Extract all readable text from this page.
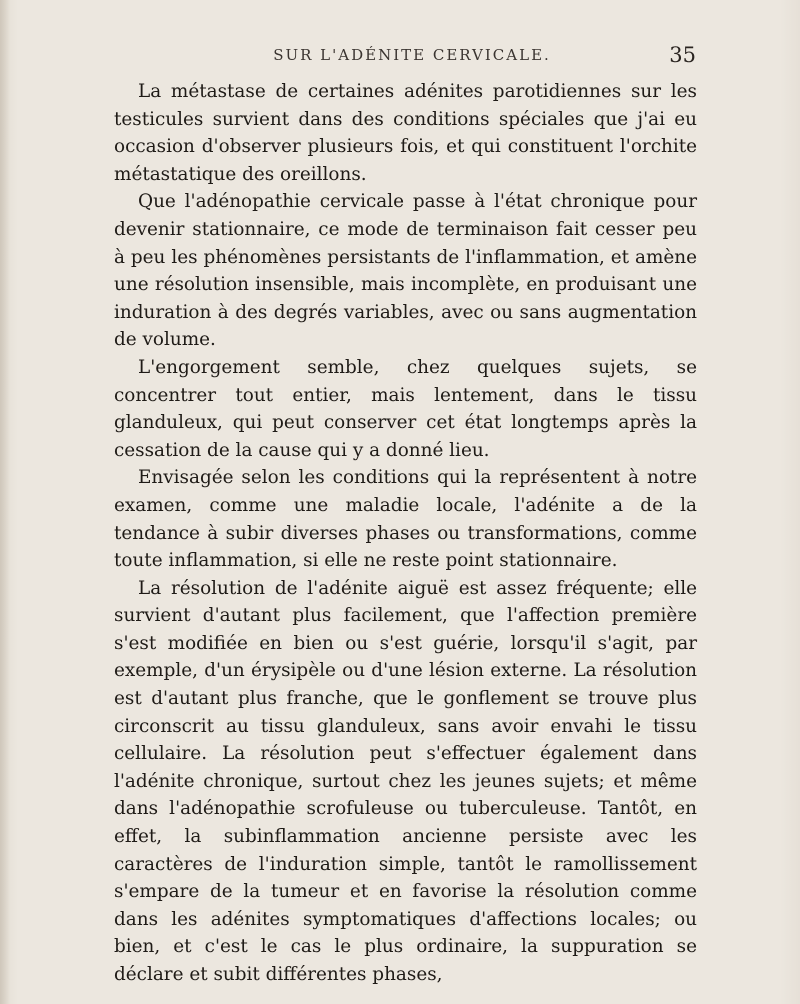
SUR L'ADÉNITE CERVICALE.	35

La métastase de certaines adénites parotidiennes sur les testicules survient dans des conditions spéciales que j'ai eu occasion d'observer plusieurs fois, et qui constituent l'orchite métastatique des oreillons.

Que l'adénopathie cervicale passe à l'état chronique pour devenir stationnaire, ce mode de terminaison fait cesser peu à peu les phénomènes persistants de l'inflammation, et amène une résolution insensible, mais incomplète, en produisant une induration à des degrés variables, avec ou sans augmentation de volume.

L'engorgement semble, chez quelques sujets, se concentrer tout entier, mais lentement, dans le tissu glanduleux, qui peut conserver cet état longtemps après la cessation de la cause qui y a donné lieu.

Envisagée selon les conditions qui la représentent à notre examen, comme une maladie locale, l'adénite a de la tendance à subir diverses phases ou transformations, comme toute inflammation, si elle ne reste point stationnaire.

La résolution de l'adénite aiguë est assez fréquente; elle survient d'autant plus facilement, que l'affection première s'est modifiée en bien ou s'est guérie, lorsqu'il s'agit, par exemple, d'un érysipèle ou d'une lésion externe. La résolution est d'autant plus franche, que le gonflement se trouve plus circonscrit au tissu glanduleux, sans avoir envahi le tissu cellulaire. La résolution peut s'effectuer également dans l'adénite chronique, surtout chez les jeunes sujets; et même dans l'adénopathie scrofuleuse ou tuberculeuse. Tantôt, en effet, la subinflammation ancienne persiste avec les caractères de l'induration simple, tantôt le ramollissement s'empare de la tumeur et en favorise la résolution comme dans les adénites symptomatiques d'affections locales; ou bien, et c'est le cas le plus ordinaire, la suppuration se déclare et subit différentes phases,
